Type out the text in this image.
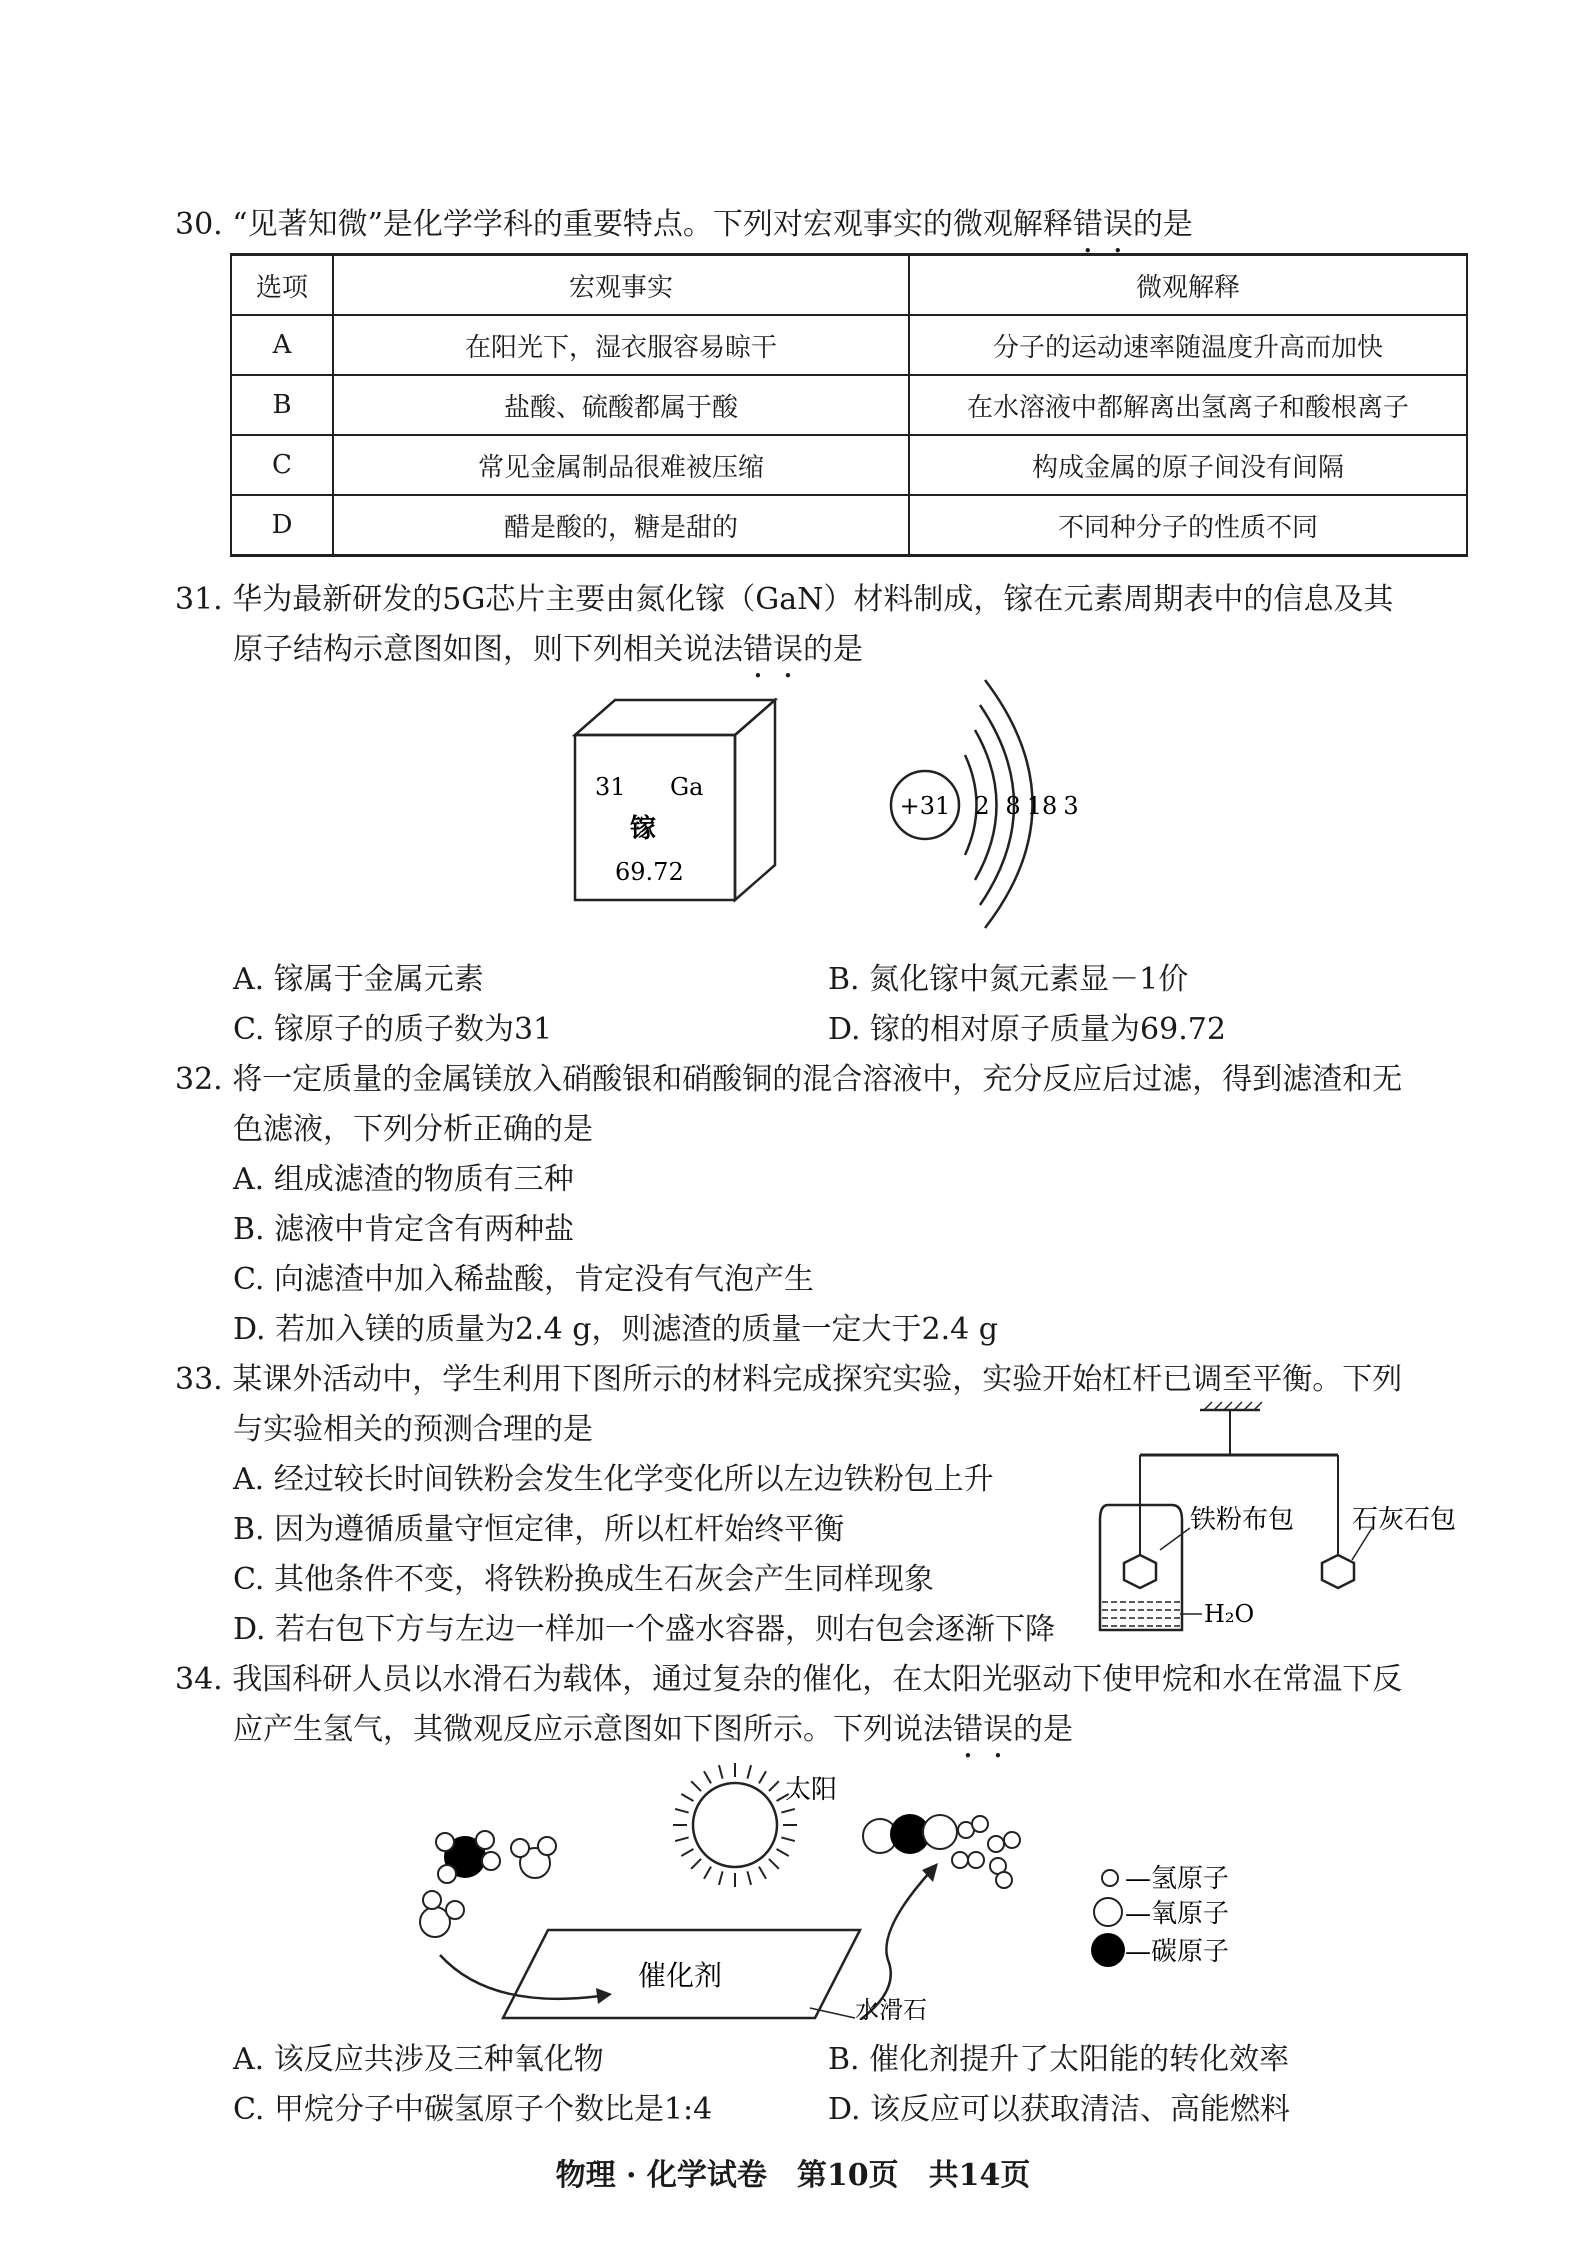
30. “见著知微”是化学学科的重要特点。下列对宏观事实的微观解释错误的是
选项	宏观事实	微观解释
A	在阳光下，湿衣服容易晾干	分子的运动速率随温度升高而加快
B	盐酸、硫酸都属于酸	在水溶液中都解离出氢离子和酸根离子
C	常见金属制品很难被压缩	构成金属的原子间没有间隔
D	醋是酸的，糖是甜的	不同种分子的性质不同
31. 华为最新研发的5G芯片主要由氮化镓（GaN）材料制成，镓在元素周期表中的信息及其
原子结构示意图如图，则下列相关说法错误的是
31 Ga
镓
69.72
+31 2 8 18 3
A. 镓属于金属元素	B. 氮化镓中氮元素显－1价
C. 镓原子的质子数为31	D. 镓的相对原子质量为69.72
32. 将一定质量的金属镁放入硝酸银和硝酸铜的混合溶液中，充分反应后过滤，得到滤渣和无
色滤液，下列分析正确的是
A. 组成滤渣的物质有三种
B. 滤液中肯定含有两种盐
C. 向滤渣中加入稀盐酸，肯定没有气泡产生
D. 若加入镁的质量为2.4 g，则滤渣的质量一定大于2.4 g
33. 某课外活动中，学生利用下图所示的材料完成探究实验，实验开始杠杆已调至平衡。下列
与实验相关的预测合理的是
A. 经过较长时间铁粉会发生化学变化所以左边铁粉包上升
B. 因为遵循质量守恒定律，所以杠杆始终平衡
C. 其他条件不变，将铁粉换成生石灰会产生同样现象
D. 若右包下方与左边一样加一个盛水容器，则右包会逐渐下降
铁粉布包 石灰石包
H₂O
34. 我国科研人员以水滑石为载体，通过复杂的催化，在太阳光驱动下使甲烷和水在常温下反
应产生氢气，其微观反应示意图如下图所示。下列说法错误的是
太阳
催化剂
水滑石
—氢原子
—氧原子
—碳原子
A. 该反应共涉及三种氧化物	B. 催化剂提升了太阳能的转化效率
C. 甲烷分子中碳氢原子个数比是1:4	D. 该反应可以获取清洁、高能燃料
物理 · 化学试卷　第10页　共14页
